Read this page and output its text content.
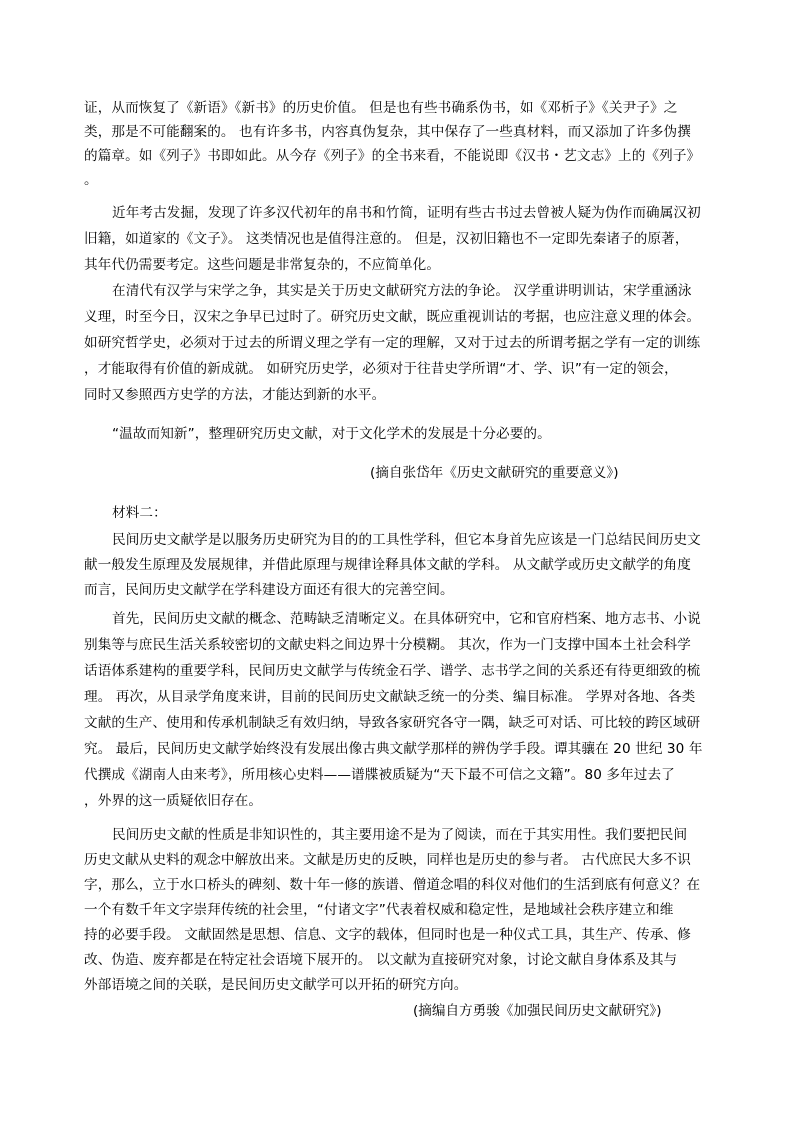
证，从而恢复了《新语》《新书》的历史价值。 但是也有些书确系伪书，如《邓析子》《关尹子》之
类，那是不可能翻案的。 也有许多书，内容真伪复杂，其中保存了一些真材料，而又添加了许多伪撰
的篇章。如《列子》书即如此。从今存《列子》的全书来看，不能说即《汉书・艺文志》上的《列子》
。
近年考古发掘，发现了许多汉代初年的帛书和竹简，证明有些古书过去曾被人疑为伪作而确属汉初
旧籍，如道家的《文子》。 这类情况也是值得注意的。 但是，汉初旧籍也不一定即先秦诸子的原著，
其年代仍需要考定。这些问题是非常复杂的，不应简单化。
在清代有汉学与宋学之争，其实是关于历史文献研究方法的争论。 汉学重讲明训诂，宋学重涵泳
义理，时至今日，汉宋之争早已过时了。研究历史文献，既应重视训诂的考据，也应注意义理的体会。
如研究哲学史，必须对于过去的所谓义理之学有一定的理解，又对于过去的所谓考据之学有一定的训练
，才能取得有价值的新成就。 如研究历史学，必须对于往昔史学所谓“才、学、识”有一定的领会，
同时又参照西方史学的方法，才能达到新的水平。
“温故而知新”，整理研究历史文献，对于文化学术的发展是十分必要的。
(摘自张岱年《历史文献研究的重要意义》)
材料二：
民间历史文献学是以服务历史研究为目的的工具性学科，但它本身首先应该是一门总结民间历史文
献一般发生原理及发展规律，并借此原理与规律诠释具体文献的学科。 从文献学或历史文献学的角度
而言，民间历史文献学在学科建设方面还有很大的完善空间。
首先，民间历史文献的概念、范畴缺乏清晰定义。在具体研究中，它和官府档案、地方志书、小说
别集等与庶民生活关系较密切的文献史料之间边界十分模糊。 其次，作为一门支撑中国本土社会科学
话语体系建构的重要学科，民间历史文献学与传统金石学、谱学、志书学之间的关系还有待更细致的梳
理。 再次，从目录学角度来讲，目前的民间历史文献缺乏统一的分类、编目标准。 学界对各地、各类
文献的生产、使用和传承机制缺乏有效归纳，导致各家研究各守一隅，缺乏可对话、可比较的跨区域研
究。 最后，民间历史文献学始终没有发展出像古典文献学那样的辨伪学手段。谭其骧在 20 世纪 30 年
代撰成《湖南人由来考》，所用核心史料——谱牒被质疑为“天下最不可信之文籍”。80 多年过去了
，外界的这一质疑依旧存在。
民间历史文献的性质是非知识性的，其主要用途不是为了阅读，而在于其实用性。我们要把民间
历史文献从史料的观念中解放出来。文献是历史的反映，同样也是历史的参与者。 古代庶民大多不识
字，那么，立于水口桥头的碑刻、数十年一修的族谱、僧道念唱的科仪对他们的生活到底有何意义？在
一个有数千年文字崇拜传统的社会里，“付诸文字”代表着权威和稳定性，是地域社会秩序建立和维
持的必要手段。 文献固然是思想、信息、文字的载体，但同时也是一种仪式工具，其生产、传承、修
改、伪造、废弃都是在特定社会语境下展开的。 以文献为直接研究对象，讨论文献自身体系及其与
外部语境之间的关联，是民间历史文献学可以开拓的研究方向。
(摘编自方勇骏《加强民间历史文献研究》)
